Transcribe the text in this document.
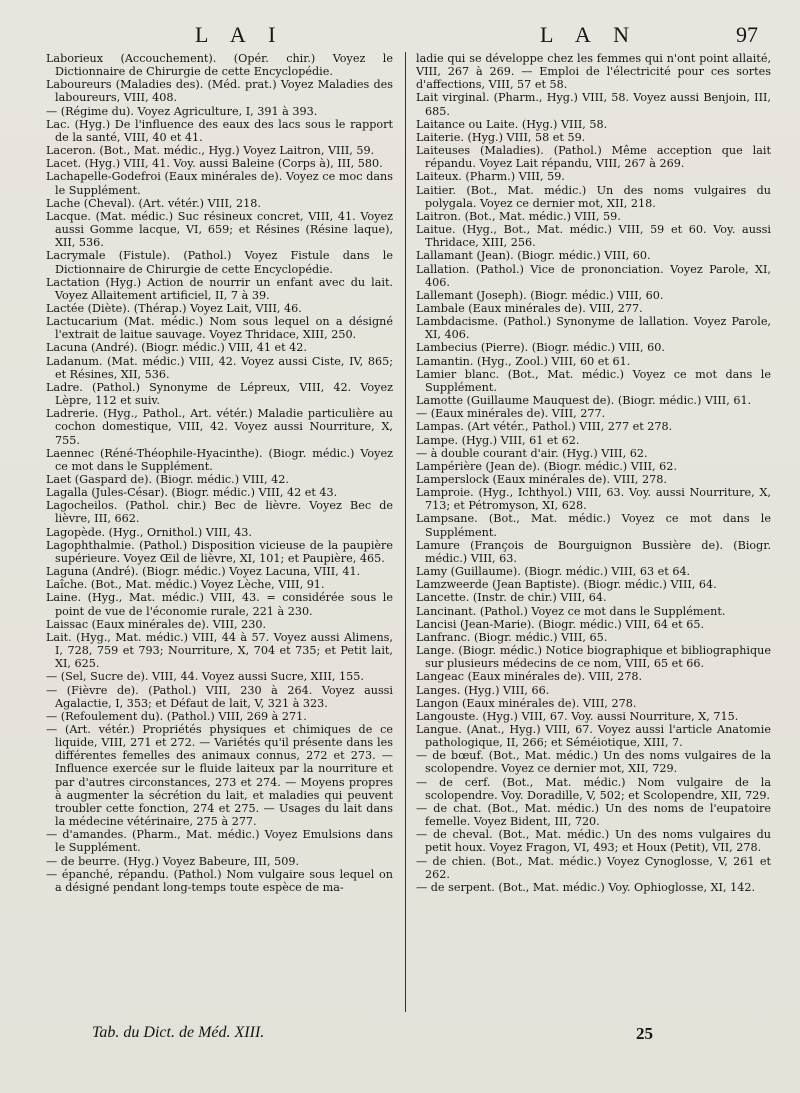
L A I	L A N	97

Laborieux (Accouchement). (Opér. chir.) Voyez le Dictionnaire de Chirurgie de cette Encyclopédie.

Laboureurs (Maladies des). (Méd. prat.) Voyez Maladies des laboureurs, VIII, 408.

— (Régime du). Voyez Agriculture, I, 391 à 393.

Lac. (Hyg.) De l'influence des eaux des lacs sous le rapport de la santé, VIII, 40 et 41.

Laceron. (Bot., Mat. médic., Hyg.) Voyez Laitron, VIII, 59.

Lacet. (Hyg.) VIII, 41. Voy. aussi Baleine (Corps à), III, 580.

Lachapelle-Godefroi (Eaux minérales de). Voyez ce moc dans le Supplément.

Lache (Cheval). (Art. vétér.) VIII, 218.

Lacque. (Mat. médic.) Suc résineux concret, VIII, 41. Voyez aussi Gomme lacque, VI, 659; et Résines (Résine laque), XII, 536.

Lacrymale (Fistule). (Pathol.) Voyez Fistule dans le Dictionnaire de Chirurgie de cette Encyclopédie.

Lactation (Hyg.) Action de nourrir un enfant avec du lait. Voyez Allaitement artificiel, II, 7 à 39.

Lactée (Diète). (Thérap.) Voyez Lait, VIII, 46.

Lactucarium (Mat. médic.) Nom sous lequel on a désigné l'extrait de laitue sauvage. Voyez Thridace, XIII, 250.

Lacuna (André). (Biogr. médic.) VIII, 41 et 42.

Ladanum. (Mat. médic.) VIII, 42. Voyez aussi Ciste, IV, 865; et Résines, XII, 536.

Ladre. (Pathol.) Synonyme de Lépreux, VIII, 42. Voyez Lèpre, 112 et suiv.

Ladrerie. (Hyg., Pathol., Art. vétér.) Maladie particulière au cochon domestique, VIII, 42. Voyez aussi Nourriture, X, 755.

Laennec (Réné-Théophile-Hyacinthe). (Biogr. médic.) Voyez ce mot dans le Supplément.

Laet (Gaspard de). (Biogr. médic.) VIII, 42.

Lagalla (Jules-César). (Biogr. médic.) VIII, 42 et 43.

Lagocheilos. (Pathol. chir.) Bec de lièvre. Voyez Bec de lièvre, III, 662.

Lagopède. (Hyg., Ornithol.) VIII, 43.

Lagophthalmie. (Pathol.) Disposition vicieuse de la paupière supérieure. Voyez Œil de lièvre, XI, 101; et Paupière, 465.

Laguna (André). (Biogr. médic.) Voyez Lacuna, VIII, 41.

Laîche. (Bot., Mat. médic.) Voyez Lèche, VIII, 91.

Laine. (Hyg., Mat. médic.) VIII, 43. = considérée sous le point de vue de l'économie rurale, 221 à 230.

Laissac (Eaux minérales de). VIII, 230.

Lait. (Hyg., Mat. médic.) VIII, 44 à 57. Voyez aussi Alimens, I, 728, 759 et 793; Nourriture, X, 704 et 735; et Petit lait, XI, 625.

— (Sel, Sucre de). VIII, 44. Voyez aussi Sucre, XIII, 155.

— (Fièvre de). (Pathol.) VIII, 230 à 264. Voyez aussi Agalactie, I, 353; et Défaut de lait, V, 321 à 323.

— (Refoulement du). (Pathol.) VIII, 269 à 271.

— (Art. vétér.) Propriétés physiques et chimiques de ce liquide, VIII, 271 et 272. — Variétés qu'il présente dans les différentes femelles des animaux connus, 272 et 273. — Influence exercée sur le fluide laiteux par la nourriture et par d'autres circonstances, 273 et 274. — Moyens propres à augmenter la sécrétion du lait, et maladies qui peuvent troubler cette fonction, 274 et 275. — Usages du lait dans la médecine vétérinaire, 275 à 277.

— d'amandes. (Pharm., Mat. médic.) Voyez Emulsions dans le Supplément.

— de beurre. (Hyg.) Voyez Babeure, III, 509.

— épanché, répandu. (Pathol.) Nom vulgaire sous lequel on a désigné pendant long-temps toute espèce de ma-

ladie qui se développe chez les femmes qui n'ont point allaité, VIII, 267 à 269. — Emploi de l'électricité pour ces sortes d'affections, VIII, 57 et 58.

Lait virginal. (Pharm., Hyg.) VIII, 58. Voyez aussi Benjoin, III, 685.

Laitance ou Laite. (Hyg.) VIII, 58.

Laiterie. (Hyg.) VIII, 58 et 59.

Laiteuses (Maladies). (Pathol.) Même acception que lait répandu. Voyez Lait répandu, VIII, 267 à 269.

Laiteux. (Pharm.) VIII, 59.

Laitier. (Bot., Mat. médic.) Un des noms vulgaires du polygala. Voyez ce dernier mot, XII, 218.

Laitron. (Bot., Mat. médic.) VIII, 59.

Laitue. (Hyg., Bot., Mat. médic.) VIII, 59 et 60. Voy. aussi Thridace, XIII, 256.

Lallamant (Jean). (Biogr. médic.) VIII, 60.

Lallation. (Pathol.) Vice de prononciation. Voyez Parole, XI, 406.

Lallemant (Joseph). (Biogr. médic.) VIII, 60.

Lambale (Eaux minérales de). VIII, 277.

Lambdacisme. (Pathol.) Synonyme de lallation. Voyez Parole, XI, 406.

Lambecius (Pierre). (Biogr. médic.) VIII, 60.

Lamantin. (Hyg., Zool.) VIII, 60 et 61.

Lamier blanc. (Bot., Mat. médic.) Voyez ce mot dans le Supplément.

Lamotte (Guillaume Mauquest de). (Biogr. médic.) VIII, 61.

— (Eaux minérales de). VIII, 277.

Lampas. (Art vétér., Pathol.) VIII, 277 et 278.

Lampe. (Hyg.) VIII, 61 et 62.

— à double courant d'air. (Hyg.) VIII, 62.

Lampérière (Jean de). (Biogr. médic.) VIII, 62.

Lamperslock (Eaux minérales de). VIII, 278.

Lamproie. (Hyg., Ichthyol.) VIII, 63. Voy. aussi Nourriture, X, 713; et Pétromyson, XI, 628.

Lampsane. (Bot., Mat. médic.) Voyez ce mot dans le Supplément.

Lamure (François de Bourguignon Bussière de). (Biogr. médic.) VIII, 63.

Lamy (Guillaume). (Biogr. médic.) VIII, 63 et 64.

Lamzweerde (Jean Baptiste). (Biogr. médic.) VIII, 64.

Lancette. (Instr. de chir.) VIII, 64.

Lancinant. (Pathol.) Voyez ce mot dans le Supplément.

Lancisi (Jean-Marie). (Biogr. médic.) VIII, 64 et 65.

Lanfranc. (Biogr. médic.) VIII, 65.

Lange. (Biogr. médic.) Notice biographique et bibliographique sur plusieurs médecins de ce nom, VIII, 65 et 66.

Langeac (Eaux minérales de). VIII, 278.

Langes. (Hyg.) VIII, 66.

Langon (Eaux minérales de). VIII, 278.

Langouste. (Hyg.) VIII, 67. Voy. aussi Nourriture, X, 715.

Langue. (Anat., Hyg.) VIII, 67. Voyez aussi l'article Anatomie pathologique, II, 266; et Séméiotique, XIII, 7.

— de bœuf. (Bot., Mat. médic.) Un des noms vulgaires de la scolopendre. Voyez ce dernier mot, XII, 729.

— de cerf. (Bot., Mat. médic.) Nom vulgaire de la scolopendre. Voy. Doradille, V, 502; et Scolopendre, XII, 729.

— de chat. (Bot., Mat. médic.) Un des noms de l'eupatoire femelle. Voyez Bident, III, 720.

— de cheval. (Bot., Mat. médic.) Un des noms vulgaires du petit houx. Voyez Fragon, VI, 493; et Houx (Petit), VII, 278.

— de chien. (Bot., Mat. médic.) Voyez Cynoglosse, V, 261 et 262.

— de serpent. (Bot., Mat. médic.) Voy. Ophioglosse, XI, 142.

Tab. du Dict. de Méd. XIII.	25
